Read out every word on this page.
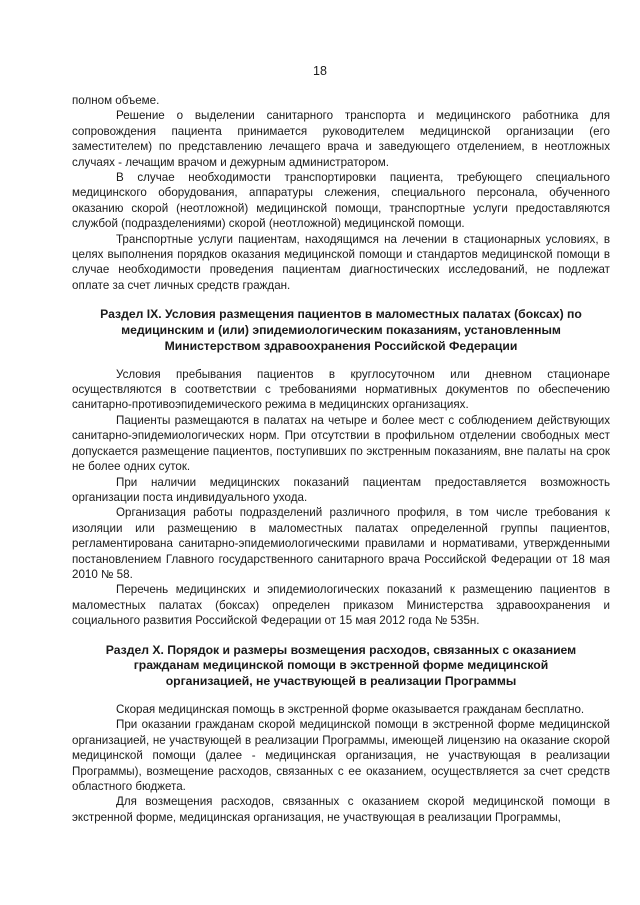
18

полном объеме.

Решение о выделении санитарного транспорта и медицинского работника для сопровождения пациента принимается руководителем медицинской организации (его заместителем) по представлению лечащего врача и заведующего отделением, в неотложных случаях - лечащим врачом и дежурным администратором.

В случае необходимости транспортировки пациента, требующего специального медицинского оборудования, аппаратуры слежения, специального персонала, обученного оказанию скорой (неотложной) медицинской помощи, транспортные услуги предоставляются службой (подразделениями) скорой (неотложной) медицинской помощи.

Транспортные услуги пациентам, находящимся на лечении в стационарных условиях, в целях выполнения порядков оказания медицинской помощи и стандартов медицинской помощи в случае необходимости проведения пациентам диагностических исследований, не подлежат оплате за счет личных средств граждан.

Раздел IX. Условия размещения пациентов в маломестных палатах (боксах) по медицинским и (или) эпидемиологическим показаниям, установленным Министерством здравоохранения Российской Федерации

Условия пребывания пациентов в круглосуточном или дневном стационаре осуществляются в соответствии с требованиями нормативных документов по обеспечению санитарно-противоэпидемического режима в медицинских организациях.

Пациенты размещаются в палатах на четыре и более мест с соблюдением действующих санитарно-эпидемиологических норм. При отсутствии в профильном отделении свободных мест допускается размещение пациентов, поступивших по экстренным показаниям, вне палаты на срок не более одних суток.

При наличии медицинских показаний пациентам предоставляется возможность организации поста индивидуального ухода.

Организация работы подразделений различного профиля, в том числе требования к изоляции или размещению в маломестных палатах определенной группы пациентов, регламентирована санитарно-эпидемиологическими правилами и нормативами, утвержденными постановлением Главного государственного санитарного врача Российской Федерации от 18 мая 2010 № 58.

Перечень медицинских и эпидемиологических показаний к размещению пациентов в маломестных палатах (боксах) определен приказом Министерства здравоохранения и социального развития Российской Федерации от 15 мая 2012 года № 535н.

Раздел X. Порядок и размеры возмещения расходов, связанных с оказанием гражданам медицинской помощи в экстренной форме медицинской организацией, не участвующей в реализации Программы

Скорая медицинская помощь в экстренной форме оказывается гражданам бесплатно.

При оказании гражданам скорой медицинской помощи в экстренной форме медицинской организацией, не участвующей в реализации Программы, имеющей лицензию на оказание скорой медицинской помощи (далее - медицинская организация, не участвующая в реализации Программы), возмещение расходов, связанных с ее оказанием, осуществляется за счет средств областного бюджета.

Для возмещения расходов, связанных с оказанием скорой медицинской помощи в экстренной форме, медицинская организация, не участвующая в реализации Программы,
